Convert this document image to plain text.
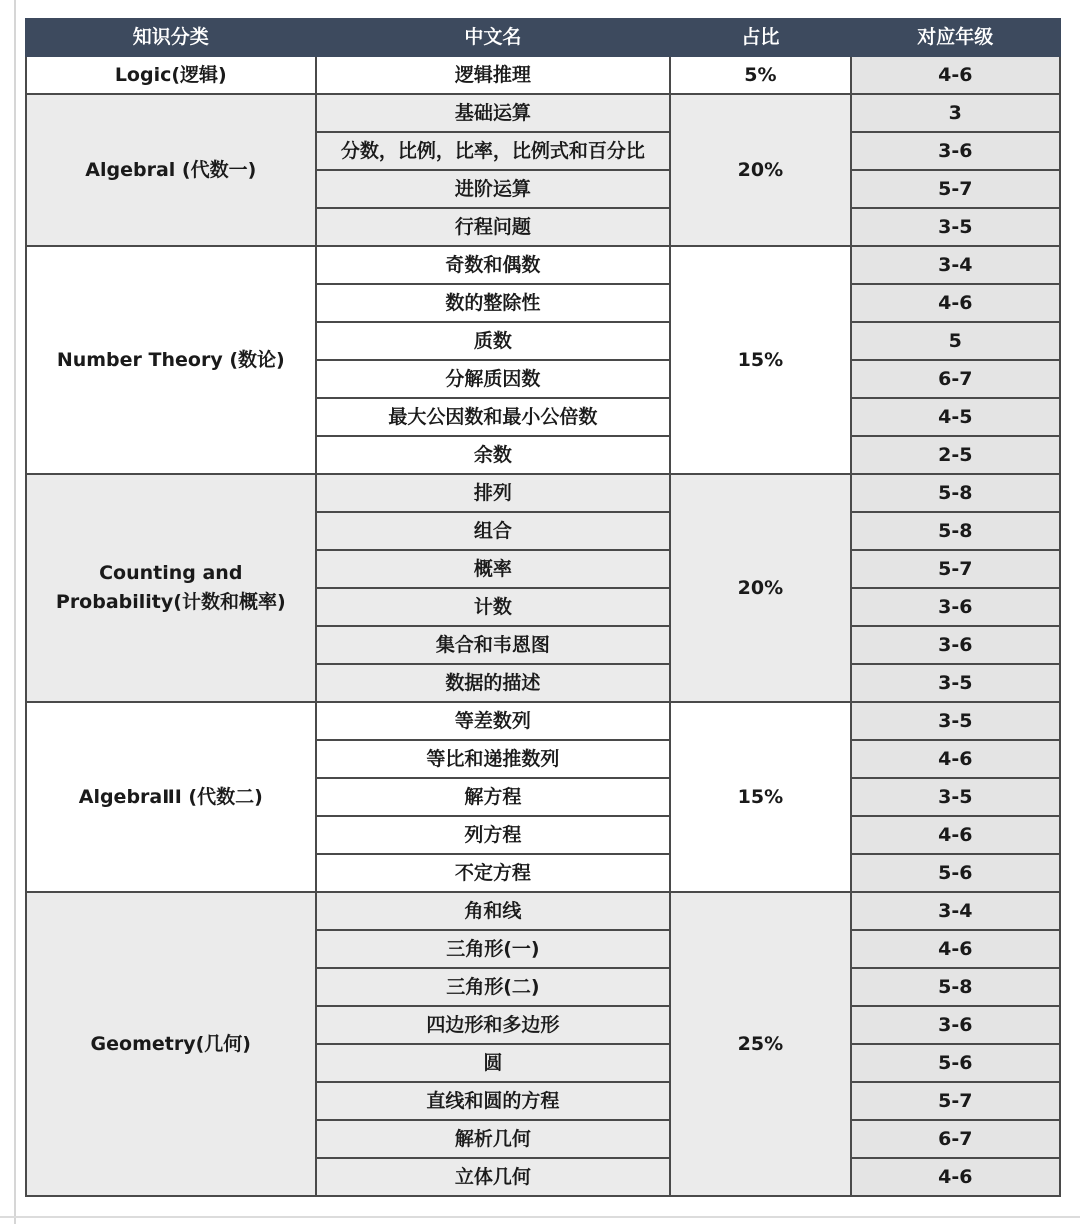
知识分类	中文名	占比	对应年级
Logic(逻辑)	逻辑推理	5%	4-6
Algebral (代数一)	基础运算	20%	3
	分数，比例，比率，比例式和百分比		3-6
	进阶运算		5-7
	行程问题		3-5
Number Theory (数论)	奇数和偶数	15%	3-4
	数的整除性		4-6
	质数		5
	分解质因数		6-7
	最大公因数和最小公倍数		4-5
	余数		2-5

Counting and
Probability(计数和概率)	排列	20%	5-8
	组合		5-8
	概率		5-7
	计数		3-6
	集合和韦恩图		3-6
	数据的描述		3-5
AlgebraⅡI (代数二)	等差数列	15%	3-5
	等比和递推数列		4-6
	解方程		3-5
	列方程		4-6
	不定方程		5-6
Geometry(几何)	角和线	25%	3-4
	三角形(一)		4-6
	三角形(二)		5-8
	四边形和多边形		3-6
	圆		5-6
	直线和圆的方程		5-7
	解析几何		6-7
	立体几何		4-6
